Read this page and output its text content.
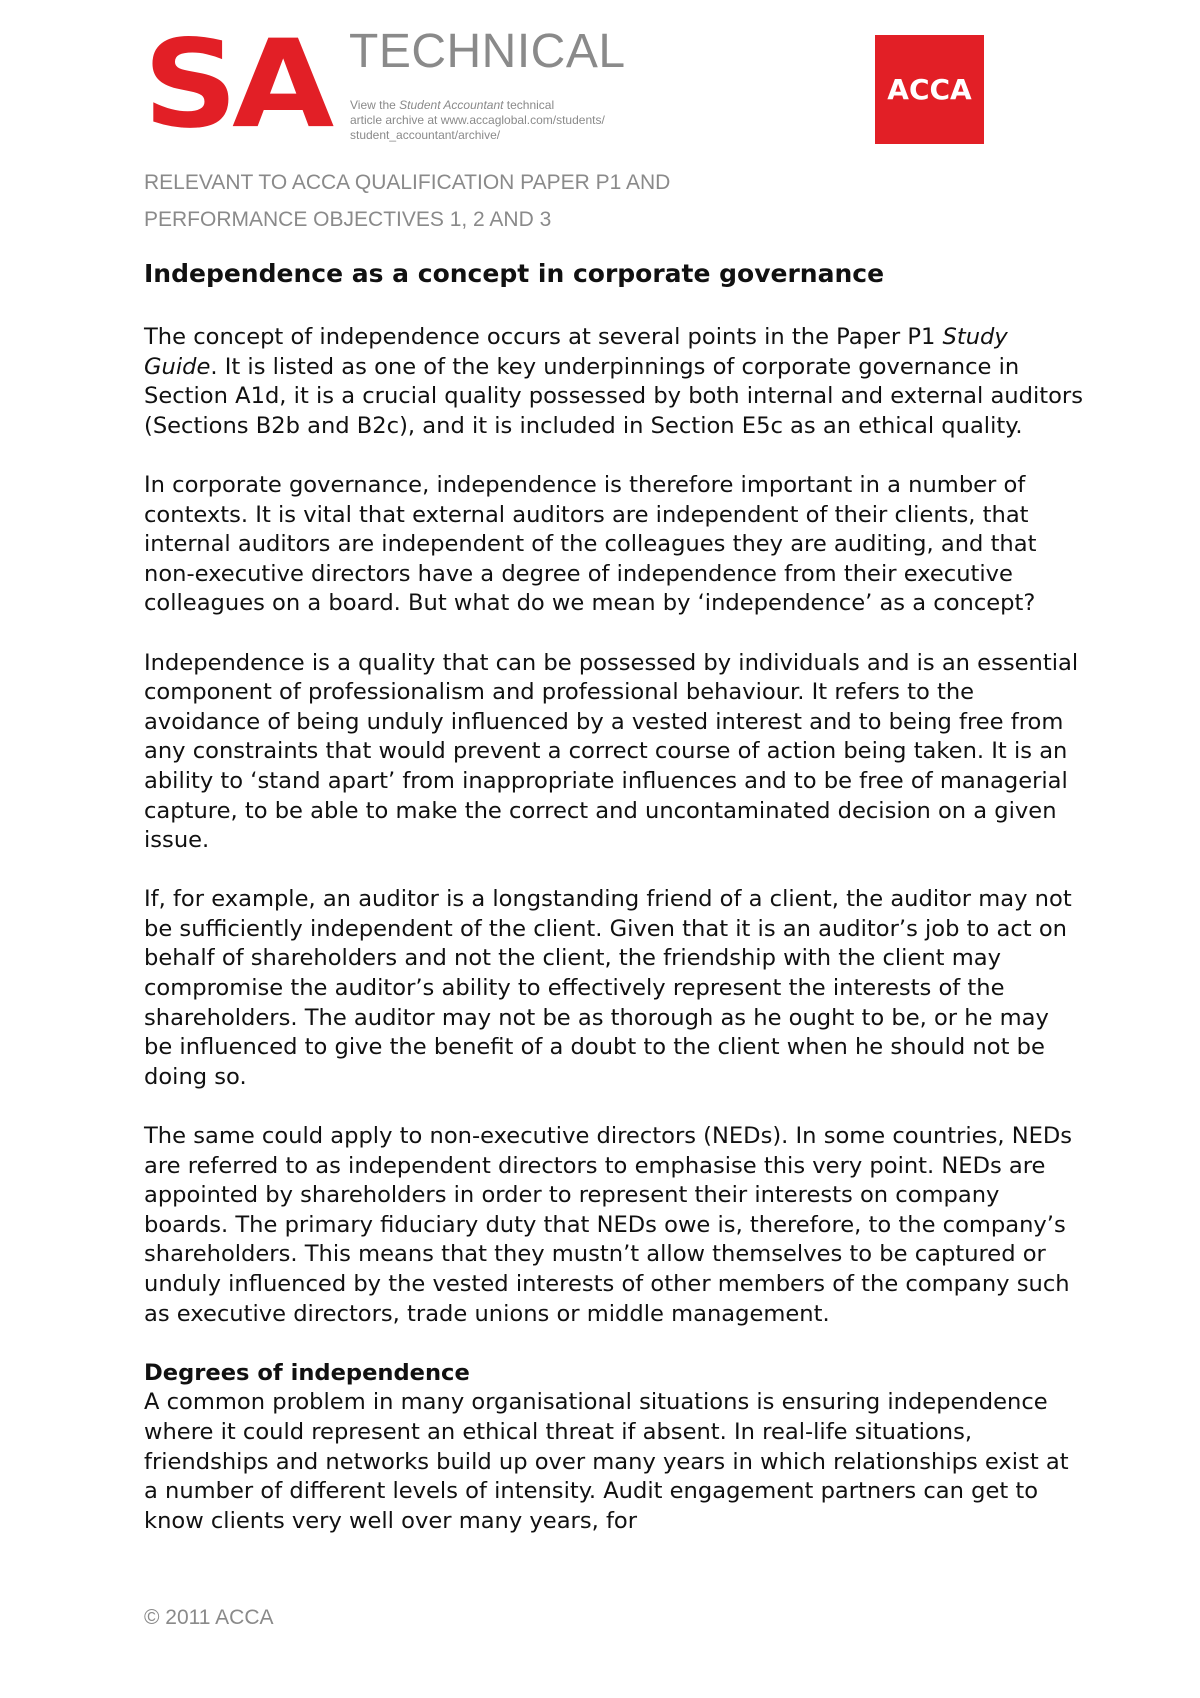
SA TECHNICAL
View the Student Accountant technical
article archive at www.accaglobal.com/students/
student_accountant/archive/
ACCA
RELEVANT TO ACCA QUALIFICATION PAPER P1 AND
PERFORMANCE OBJECTIVES 1, 2 AND 3
Independence as a concept in corporate governance

The concept of independence occurs at several points in the Paper P1 Study Guide. It is listed as one of the key underpinnings of corporate governance in Section A1d, it is a crucial quality possessed by both internal and external auditors (Sections B2b and B2c), and it is included in Section E5c as an ethical quality.

In corporate governance, independence is therefore important in a number of contexts. It is vital that external auditors are independent of their clients, that internal auditors are independent of the colleagues they are auditing, and that non-executive directors have a degree of independence from their executive colleagues on a board. But what do we mean by ‘independence’ as a concept?

Independence is a quality that can be possessed by individuals and is an essential component of professionalism and professional behaviour. It refers to the avoidance of being unduly influenced by a vested interest and to being free from any constraints that would prevent a correct course of action being taken. It is an ability to ‘stand apart’ from inappropriate influences and to be free of managerial capture, to be able to make the correct and uncontaminated decision on a given issue.

If, for example, an auditor is a longstanding friend of a client, the auditor may not be sufficiently independent of the client. Given that it is an auditor’s job to act on behalf of shareholders and not the client, the friendship with the client may compromise the auditor’s ability to effectively represent the interests of the shareholders. The auditor may not be as thorough as he ought to be, or he may be influenced to give the benefit of a doubt to the client when he should not be doing so.

The same could apply to non-executive directors (NEDs). In some countries, NEDs are referred to as independent directors to emphasise this very point. NEDs are appointed by shareholders in order to represent their interests on company boards. The primary fiduciary duty that NEDs owe is, therefore, to the company’s shareholders. This means that they mustn’t allow themselves to be captured or unduly influenced by the vested interests of other members of the company such as executive directors, trade unions or middle management.

Degrees of independence

A common problem in many organisational situations is ensuring independence where it could represent an ethical threat if absent. In real-life situations, friendships and networks build up over many years in which relationships exist at a number of different levels of intensity. Audit engagement partners can get to know clients very well over many years, for

© 2011 ACCA
